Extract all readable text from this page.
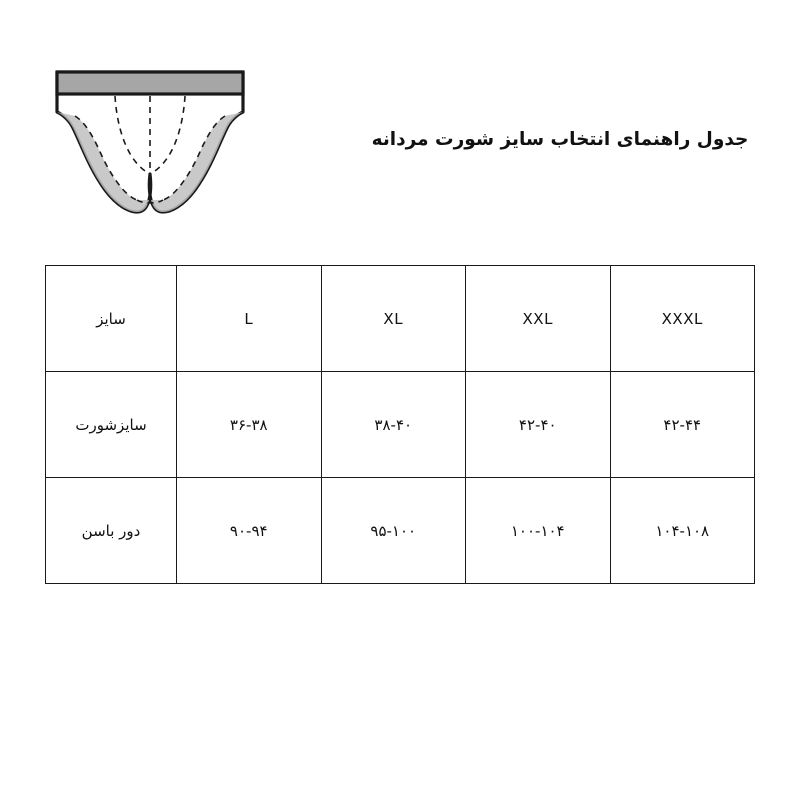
جدول راهنمای انتخاب سایز شورت مردانه
XXXL	XXL	XL	L	سایز

۴۲-۴۴	۴۲-۴۰	۳۸-۴۰	۳۶-۳۸	سایزشورت

۱۰۴-۱۰۸	۱۰۰-۱۰۴	۹۵-۱۰۰	۹۰-۹۴	دور باسن
